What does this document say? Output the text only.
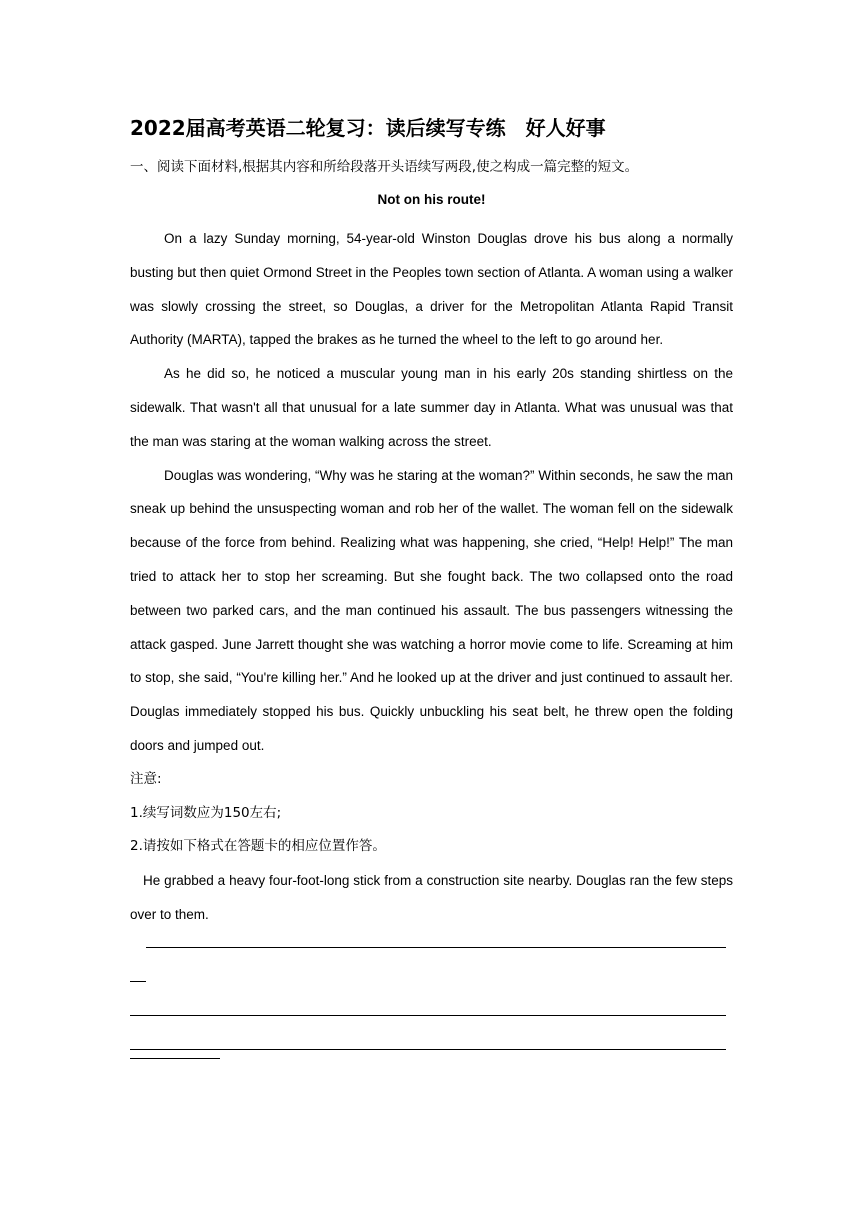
2022届高考英语二轮复习：读后续写专练　好人好事

一、阅读下面材料,根据其内容和所给段落开头语续写两段,使之构成一篇完整的短文。

Not on his route!

On a lazy Sunday morning, 54-year-old Winston Douglas drove his bus along a normally busting but then quiet Ormond Street in the Peoples town section of Atlanta. A woman using a walker was slowly crossing the street, so Douglas, a driver for the Metropolitan Atlanta Rapid Transit Authority (MARTA), tapped the brakes as he turned the wheel to the left to go around her.

As he did so, he noticed a muscular young man in his early 20s standing shirtless on the sidewalk. That wasn't all that unusual for a late summer day in Atlanta. What was unusual was that the man was staring at the woman walking across the street.

Douglas was wondering, “Why was he staring at the woman?” Within seconds, he saw the man sneak up behind the unsuspecting woman and rob her of the wallet. The woman fell on the sidewalk because of the force from behind. Realizing what was happening, she cried, “Help! Help!” The man tried to attack her to stop her screaming. But she fought back. The two collapsed onto the road between two parked cars, and the man continued his assault. The bus passengers witnessing the attack gasped. June Jarrett thought she was watching a horror movie come to life. Screaming at him to stop, she said, “You're killing her.” And he looked up at the driver and just continued to assault her. Douglas immediately stopped his bus. Quickly unbuckling his seat belt, he threw open the folding doors and jumped out.

注意:

1.续写词数应为150左右;

2.请按如下格式在答题卡的相应位置作答。

He grabbed a heavy four-foot-long stick from a construction site nearby. Douglas ran the few steps over to them.
